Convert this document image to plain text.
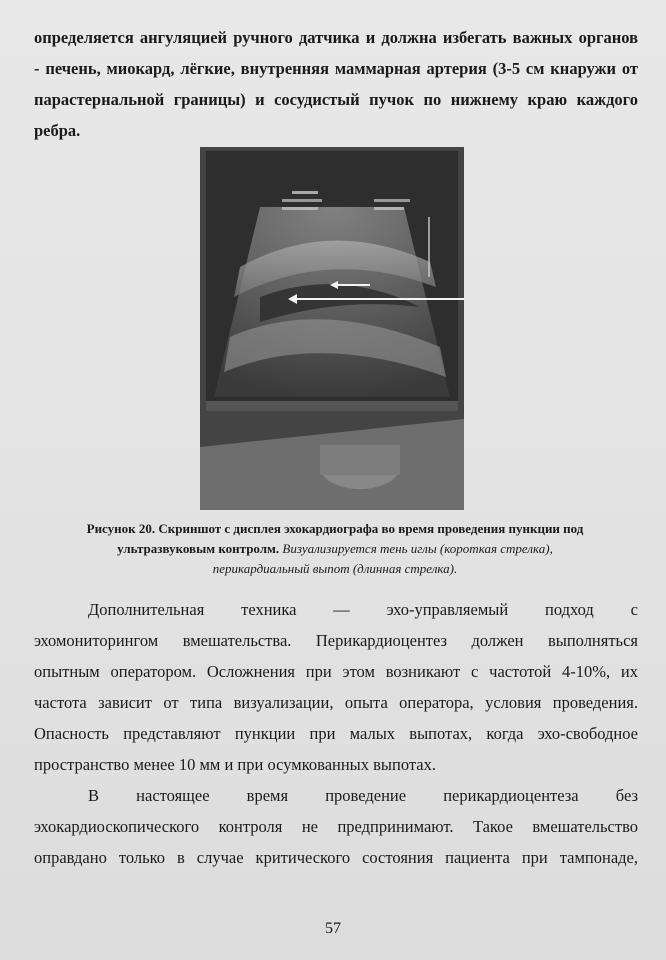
определяется ангуляцией ручного датчика и должна избегать важных органов
- печень, миокард, лёгкие, внутренняя маммарная артерия (3-5 см кнаружи от
парастернальной границы) и сосудистый пучок по нижнему краю каждого
ребра.

Рисунок 20. Скриншот с дисплея эхокардиографа во время проведения пункции под
ультразвуковым контролм. Визуализируется тень иглы (короткая стрелка),
перикардиальный выпот (длинная стрелка).

Дополнительная техника — эхо-управляемый подход с
эхомониторингом вмешательства. Перикардиоцентез должен выполняться
опытным оператором. Осложнения при этом возникают с частотой 4-10%, их
частота зависит от типа визуализации, опыта оператора, условия проведения.
Опасность представляют пункции при малых выпотах, когда эхо-свободное
пространство менее 10 мм и при осумкованных выпотах.

В настоящее время проведение перикардиоцентеза без
эхокардиоскопического контроля не предпринимают. Такое вмешательство
оправдано только в случае критического состояния пациента при тампонаде,

57
